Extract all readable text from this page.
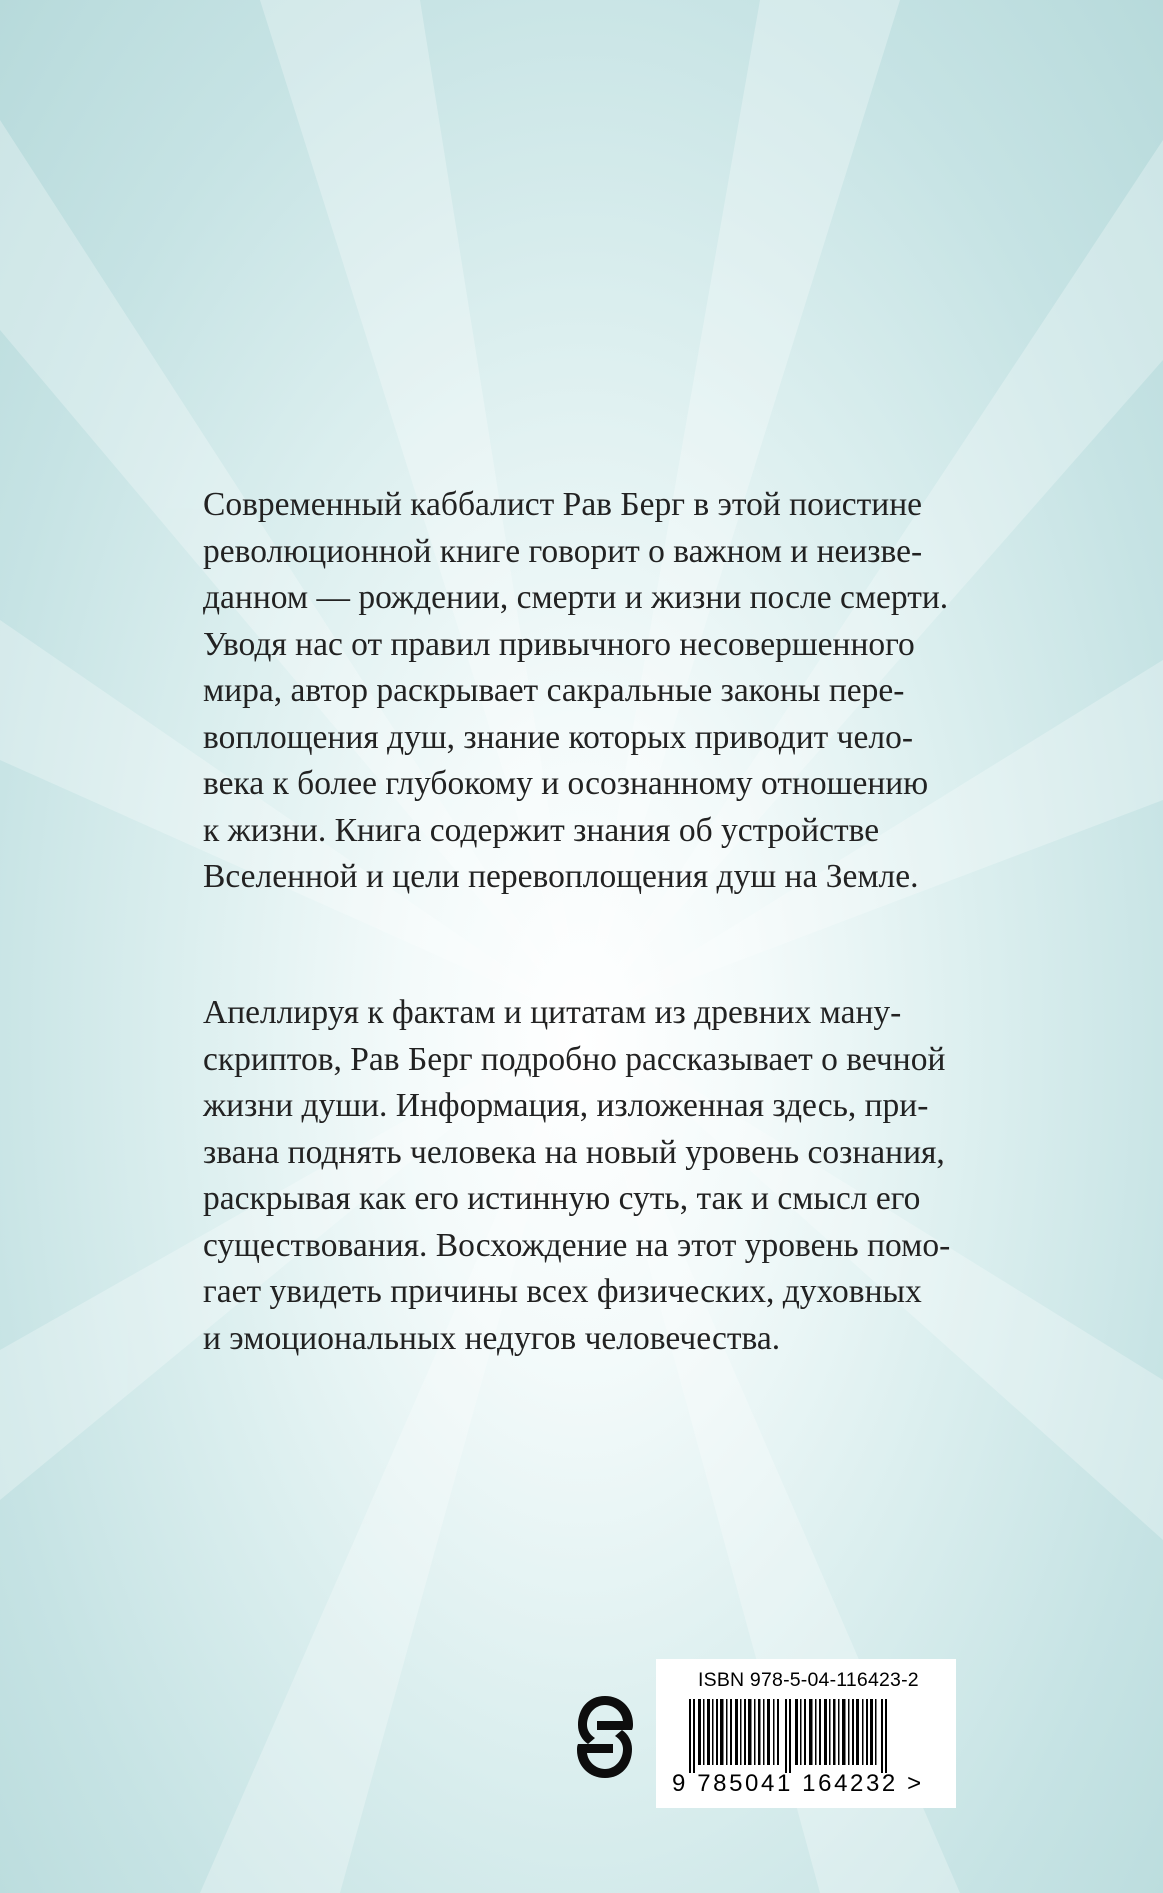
Современный каббалист Рав Берг в этой поистине
революционной книге говорит о важном и неизве-
данном — рождении, смерти и жизни после смерти.
Уводя нас от правил привычного несовершенного
мира, автор раскрывает сакральные законы пере-
воплощения душ, знание которых приводит чело-
века к более глубокому и осознанному отношению
к жизни. Книга содержит знания об устройстве
Вселенной и цели перевоплощения душ на Земле.
Апеллируя к фактам и цитатам из древних ману-
скриптов, Рав Берг подробно рассказывает о вечной
жизни души. Информация, изложенная здесь, при-
звана поднять человека на новый уровень сознания,
раскрывая как его истинную суть, так и смысл его
существования. Восхождение на этот уровень помо-
гает увидеть причины всех физических, духовных
и эмоциональных недугов человечества.
ISBN 978-5-04-116423-2
9 785041 164232 >
